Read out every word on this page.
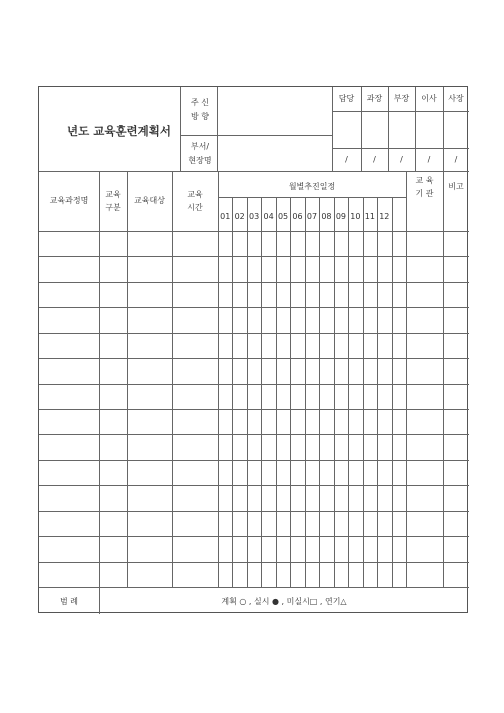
년도 교육훈련계획서
주 신
방 향
부서/
현장명
담당
/
과장
/
부장
/
이사
/
사장
/
교육과정명
교육
구분
교육대상
교육
시간
월별추진일정
01 02 03 04 05 06 07 08 09 10 11 12
교 육
기 관
비고
범 례	계획 ○ , 실시 ● , 미실시□ , 연기△
